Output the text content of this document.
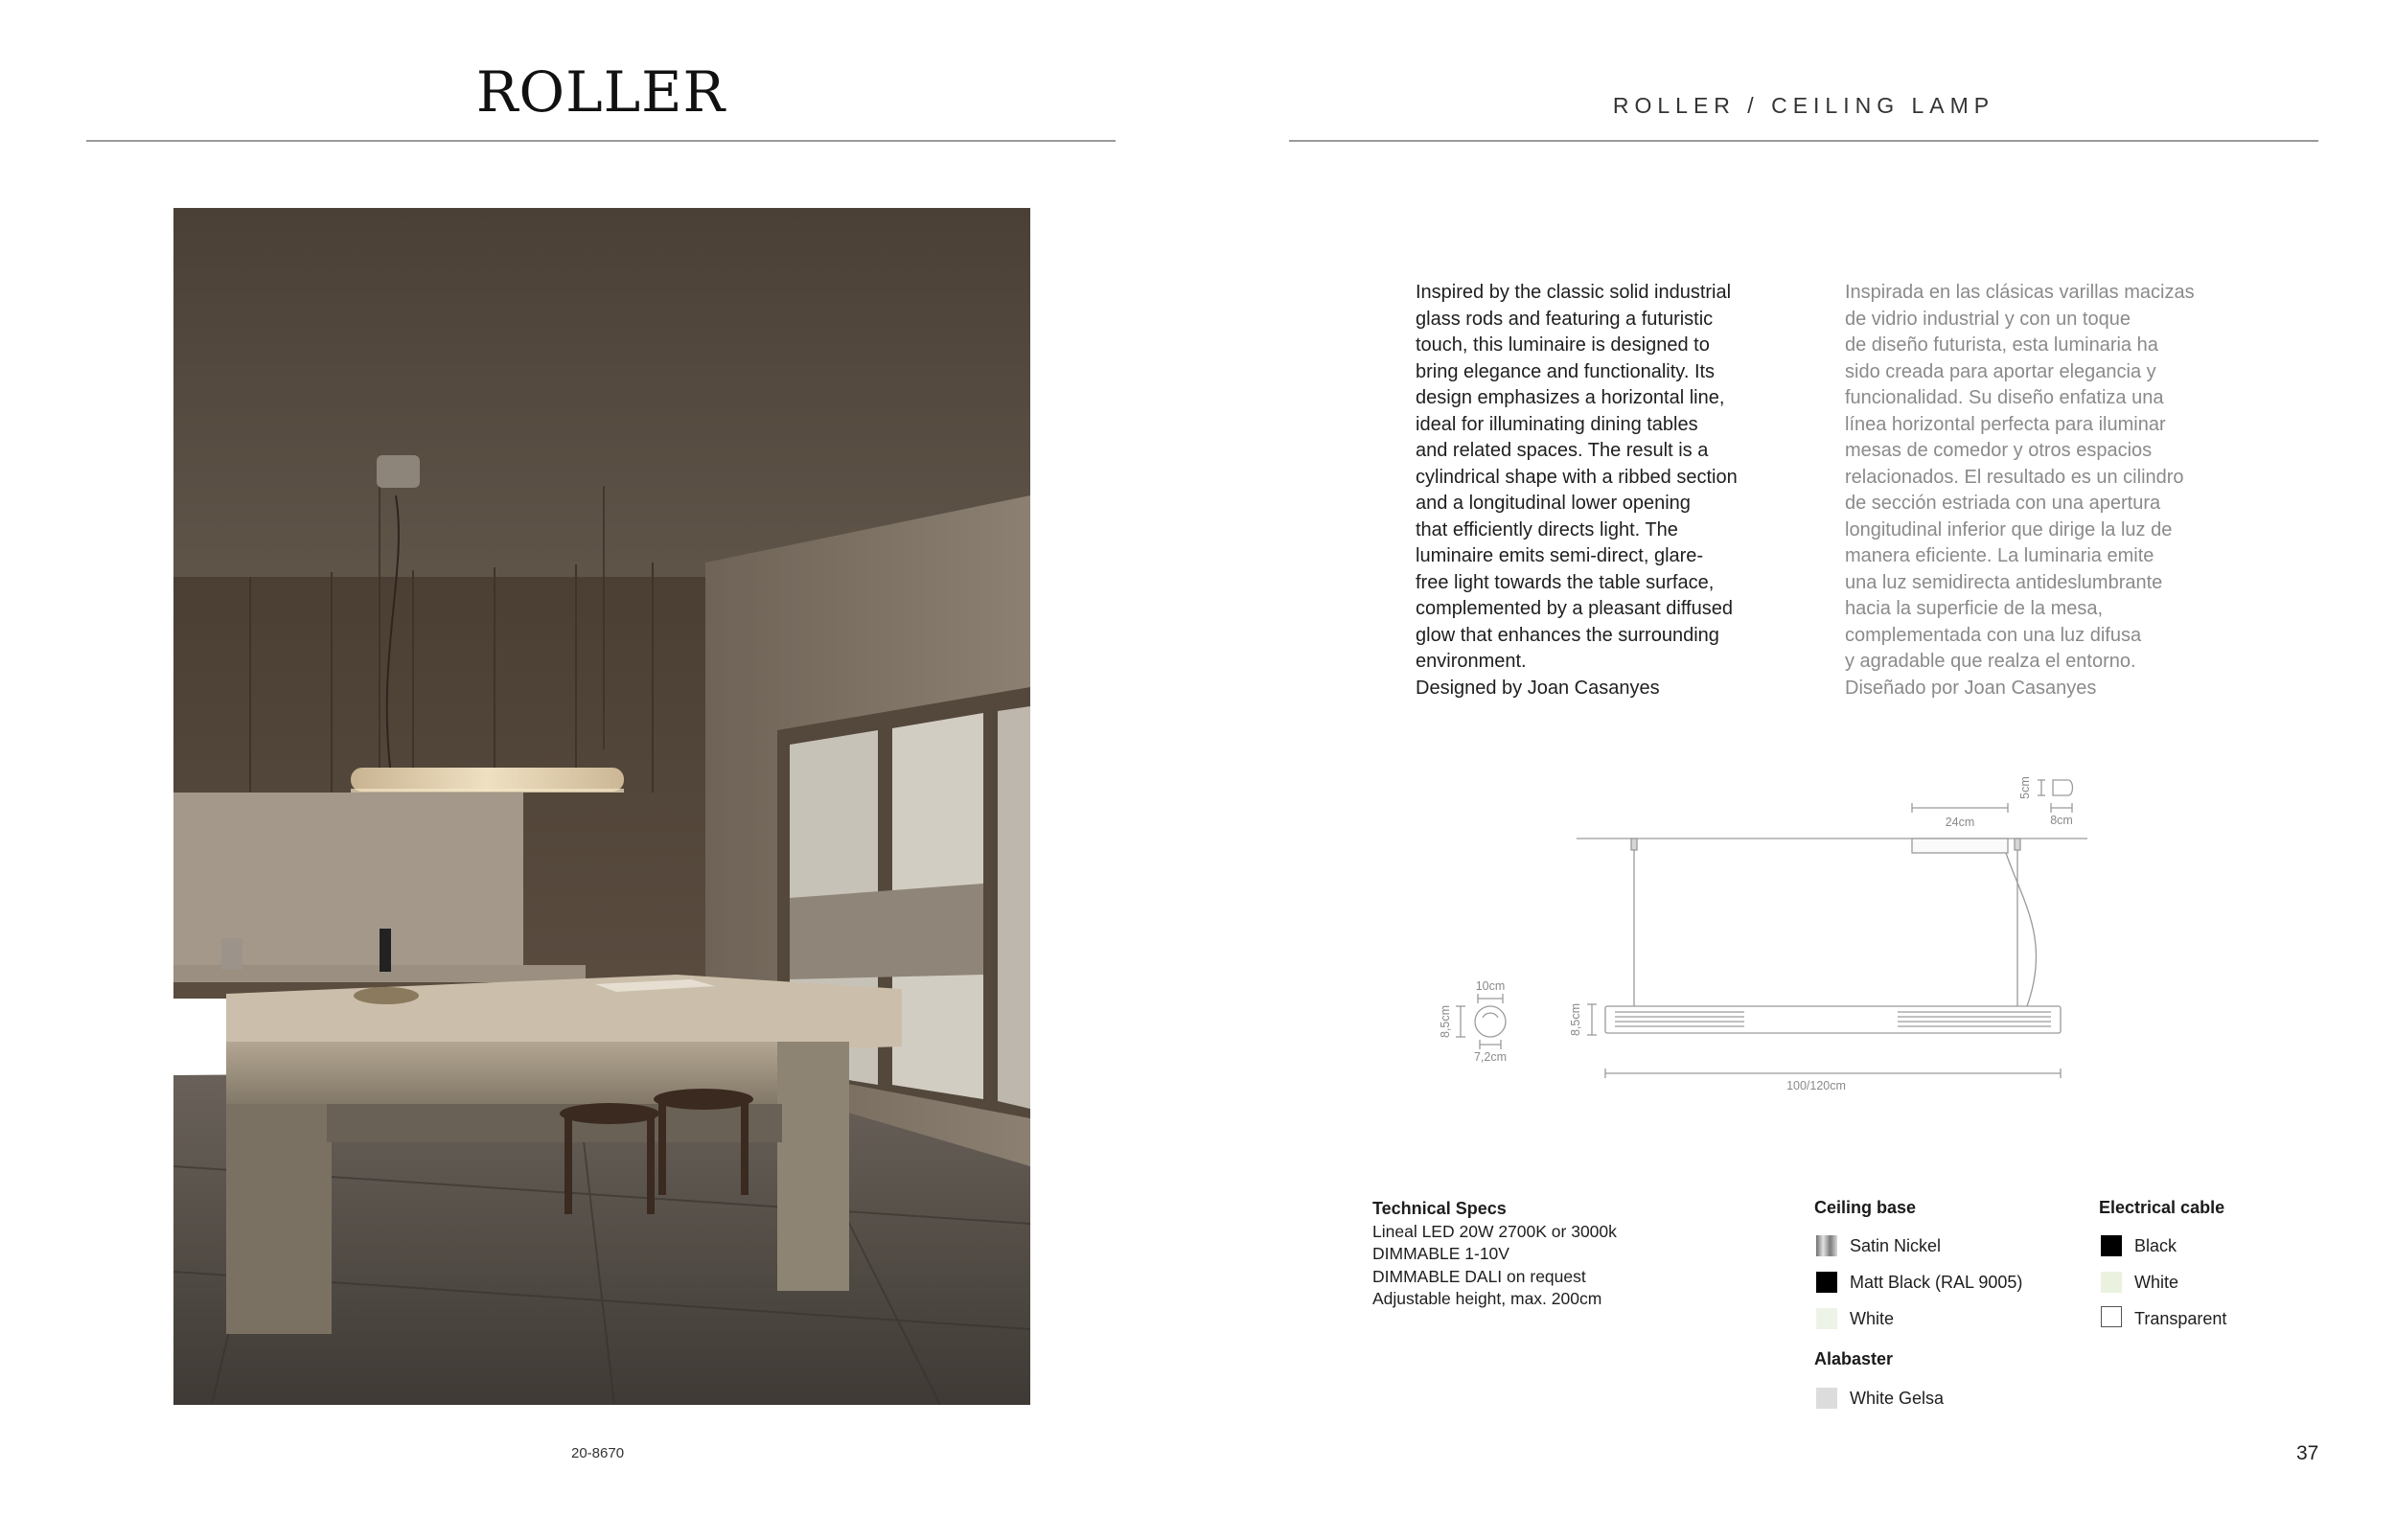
ROLLER	ROLLER / CEILING LAMP

Inspired by the classic solid industrial

glass rods and featuring a futuristic

touch, this luminaire is designed to

bring elegance and functionality. Its

design emphasizes a horizontal line,

ideal for illuminating dining tables

and related spaces. The result is a

cylindrical shape with a ribbed section

and a longitudinal lower opening

that efficiently directs light. The

luminaire emits semi-direct, glare-

free light towards the table surface,

complemented by a pleasant diffused

glow that enhances the surrounding

environment.

Designed by Joan Casanyes

Inspirada en las clásicas varillas macizas

de vidrio industrial y con un toque

de diseño futurista, esta luminaria ha

sido creada para aportar elegancia y

funcionalidad. Su diseño enfatiza una

línea horizontal perfecta para iluminar

mesas de comedor y otros espacios

relacionados. El resultado es un cilindro

de sección estriada con una apertura

longitudinal inferior que dirige la luz de

manera eficiente. La luminaria emite

una luz semidirecta antideslumbrante

hacia la superficie de la mesa,

complementada con una luz difusa

y agradable que realza el entorno.

Diseñado por Joan Casanyes

24cm	8cm
5cm
10cm
7,2cm
8,5cm	8,5cm
100/120cm
Technical Specs
Lineal LED 20W 2700K or 3000k
DIMMABLE 1-10V
DIMMABLE DALI on request
Adjustable height, max. 200cm
Ceiling base
Satin Nickel
Matt Black (RAL 9005)
White
Alabaster
White Gelsa
Electrical cable
Black
White
Transparent
20-8670	37
